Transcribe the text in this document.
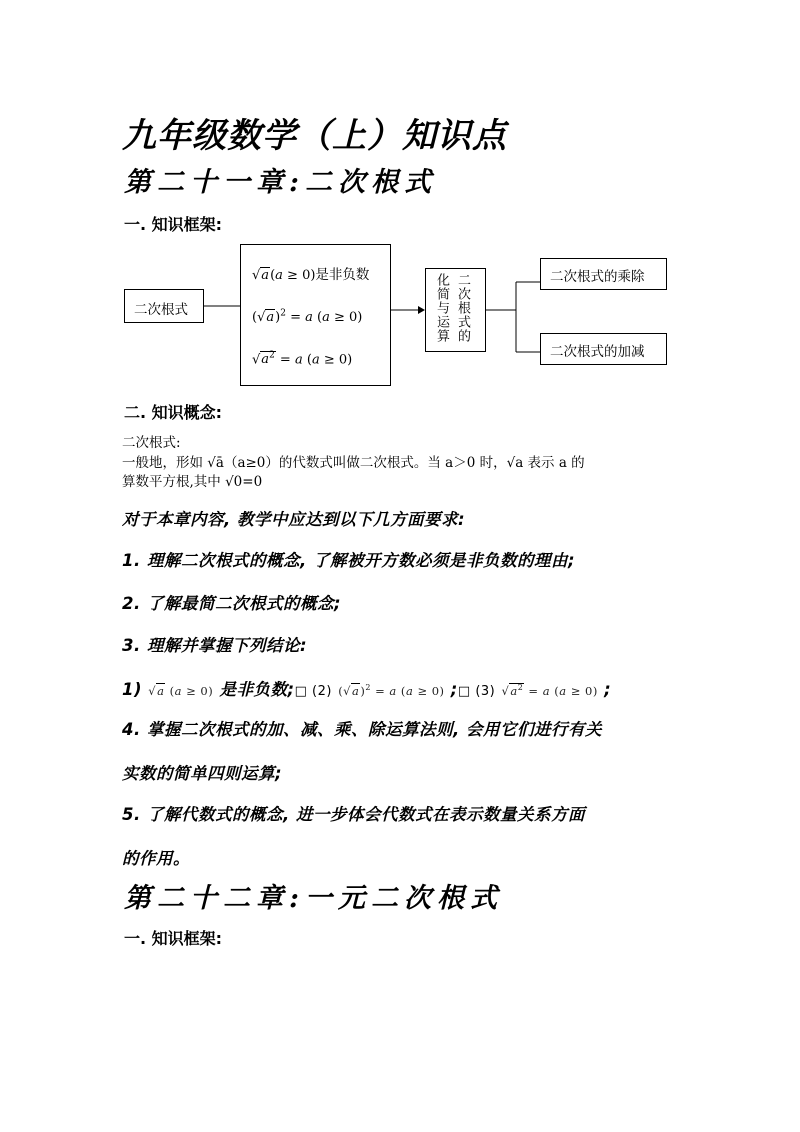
九年级数学（上）知识点
第二十一章:二次根式
一. 知识框架:
二次根式
√a(a ≥ 0)是非负数
$(√a)^2 = a$ (a ≥ 0)
$√a^2 = a$ (a ≥ 0)
二次根式的
化简与运算	二次根式的乘除
二次根式的加减
二. 知识概念:
二次根式:
一般地，形如 √ā（a≥0）的代数式叫做二次根式。当 a＞0 时，√a 表示 a 的
算数平方根,其中 √0=0
对于本章内容, 教学中应达到以下几方面要求:
1. 理解二次根式的概念, 了解被开方数必须是非负数的理由;
2. 了解最简二次根式的概念;
3. 理解并掌握下列结论:
1) √a (a ≥ 0) 是非负数;□ (2) $(√a)^2 = a$ (a ≥ 0) ;□ (3) $√a^2 = a$ (a ≥ 0) ;
4. 掌握二次根式的加、减、乘、除运算法则, 会用它们进行有关
实数的简单四则运算;
5. 了解代数式的概念, 进一步体会代数式在表示数量关系方面
的作用。
第二十二章:一元二次根式
一. 知识框架:
